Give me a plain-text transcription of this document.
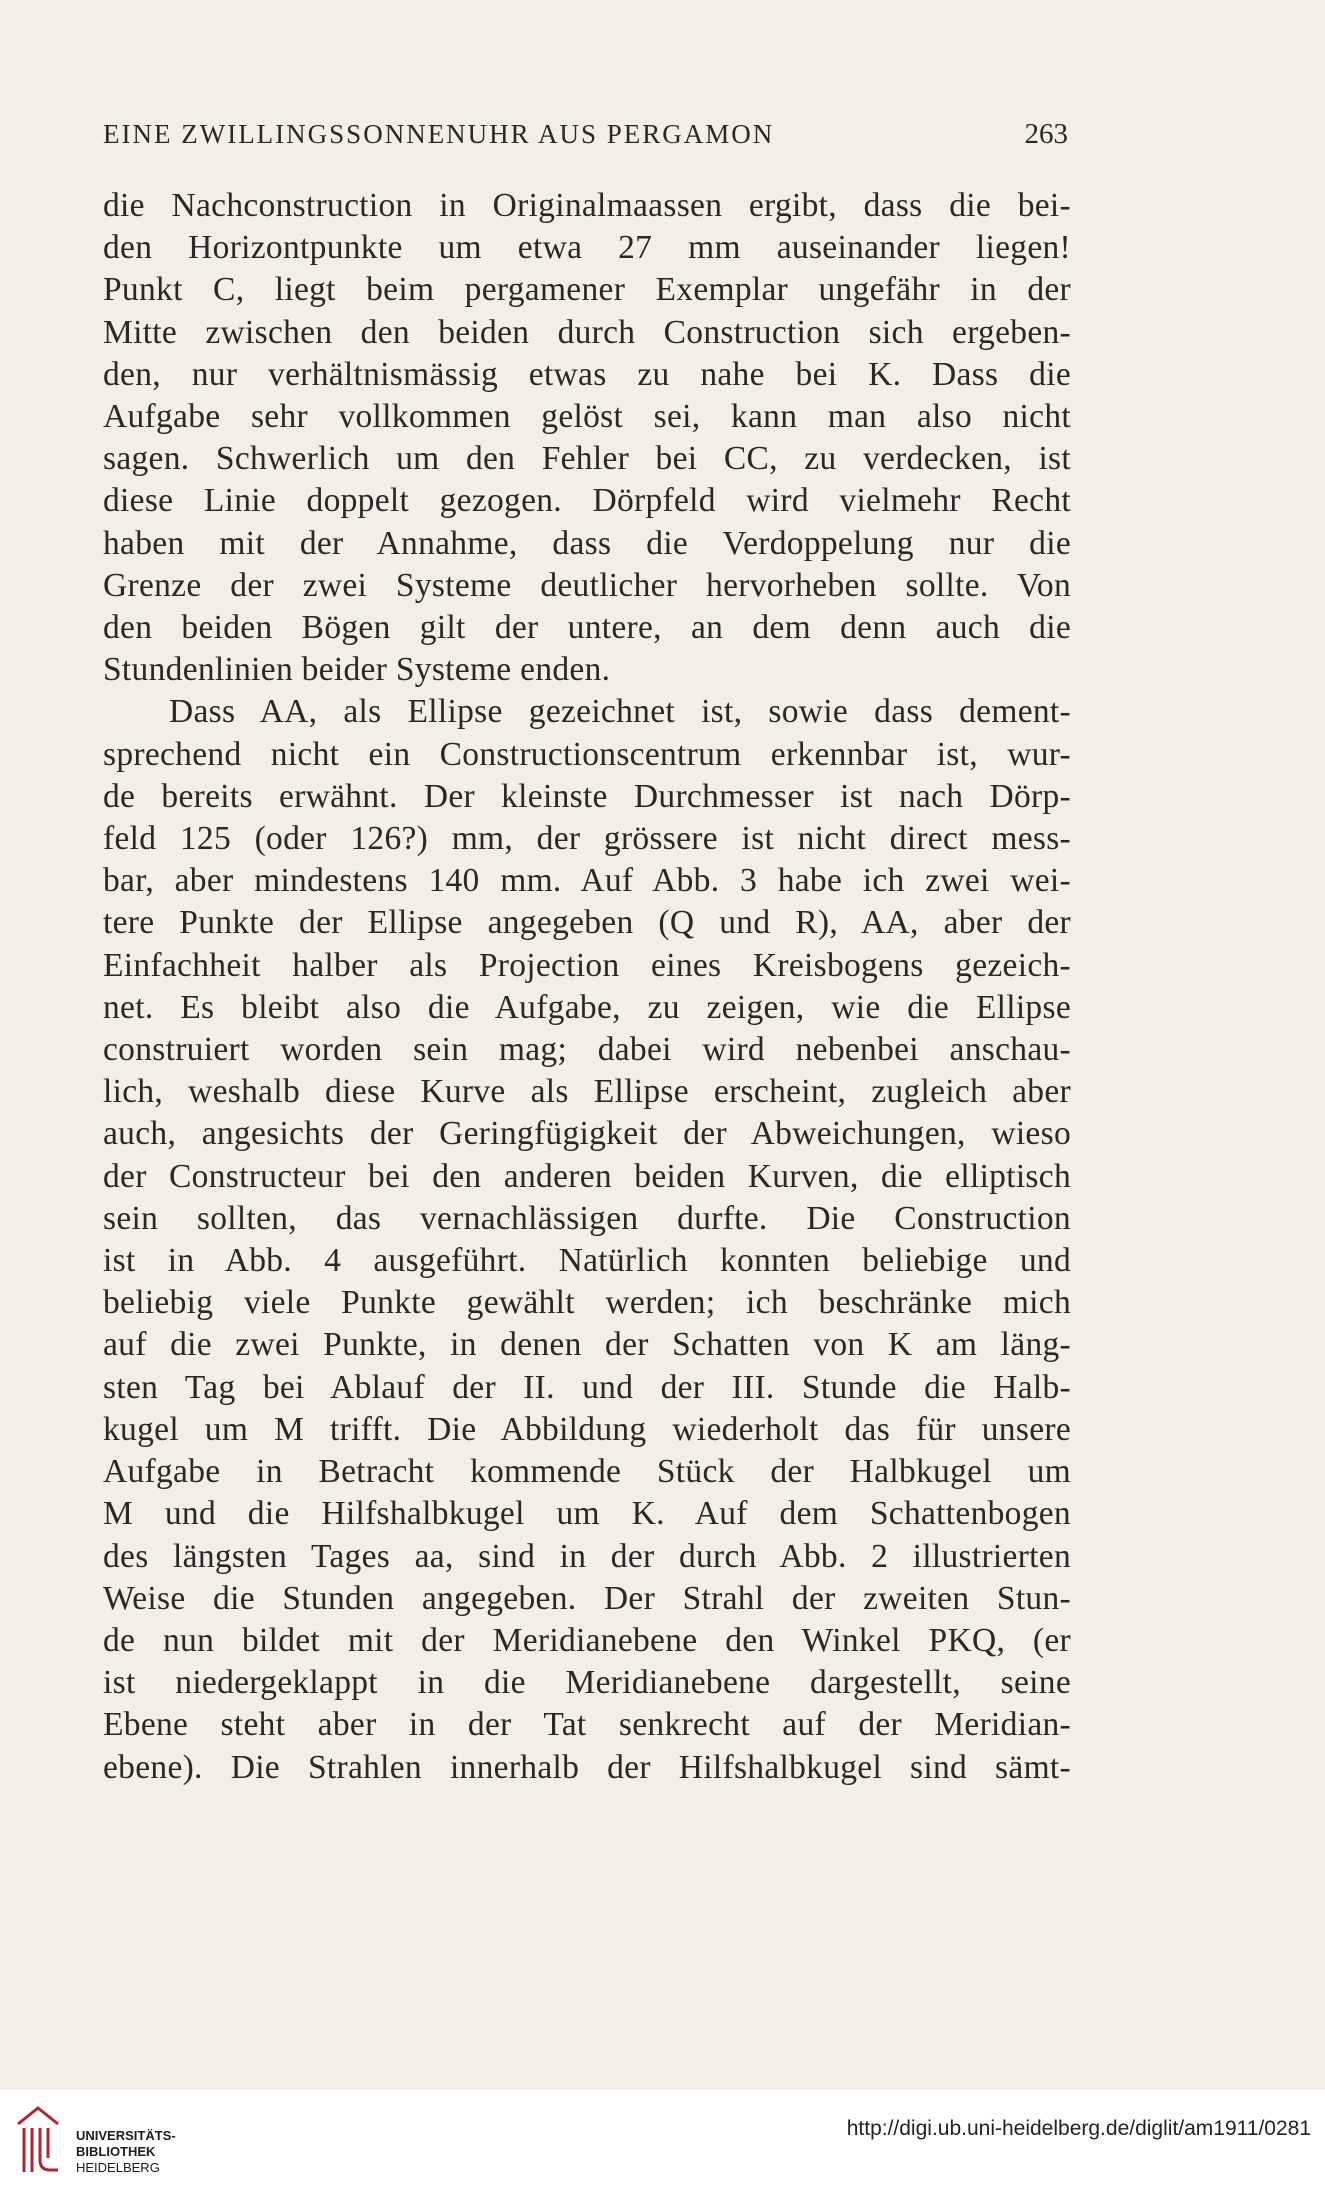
EINE ZWILLINGSSONNENUHR AUS PERGAMON	263
die Nachconstruction in Originalmaassen ergibt, dass die bei-
den Horizontpunkte um etwa 27 mm auseinander liegen!
Punkt C, liegt beim pergamener Exemplar ungefähr in der
Mitte zwischen den beiden durch Construction sich ergeben-
den, nur verhältnismässig etwas zu nahe bei K. Dass die
Aufgabe sehr vollkommen gelöst sei, kann man also nicht
sagen. Schwerlich um den Fehler bei CC, zu verdecken, ist
diese Linie doppelt gezogen. Dörpfeld wird vielmehr Recht
haben mit der Annahme, dass die Verdoppelung nur die
Grenze der zwei Systeme deutlicher hervorheben sollte. Von
den beiden Bögen gilt der untere, an dem denn auch die
Stundenlinien beider Systeme enden.
Dass AA, als Ellipse gezeichnet ist, sowie dass dement-
sprechend nicht ein Constructionscentrum erkennbar ist, wur-
de bereits erwähnt. Der kleinste Durchmesser ist nach Dörp-
feld 125 (oder 126?) mm, der grössere ist nicht direct mess-
bar, aber mindestens 140 mm. Auf Abb. 3 habe ich zwei wei-
tere Punkte der Ellipse angegeben (Q und R), AA, aber der
Einfachheit halber als Projection eines Kreisbogens gezeich-
net. Es bleibt also die Aufgabe, zu zeigen, wie die Ellipse
construiert worden sein mag; dabei wird nebenbei anschau-
lich, weshalb diese Kurve als Ellipse erscheint, zugleich aber
auch, angesichts der Geringfügigkeit der Abweichungen, wieso
der Constructeur bei den anderen beiden Kurven, die elliptisch
sein sollten, das vernachlässigen durfte. Die Construction
ist in Abb. 4 ausgeführt. Natürlich konnten beliebige und
beliebig viele Punkte gewählt werden; ich beschränke mich
auf die zwei Punkte, in denen der Schatten von K am läng-
sten Tag bei Ablauf der II. und der III. Stunde die Halb-
kugel um M trifft. Die Abbildung wiederholt das für unsere
Aufgabe in Betracht kommende Stück der Halbkugel um
M und die Hilfshalbkugel um K. Auf dem Schattenbogen
des längsten Tages aa, sind in der durch Abb. 2 illustrierten
Weise die Stunden angegeben. Der Strahl der zweiten Stun-
de nun bildet mit der Meridianebene den Winkel PKQ, (er
ist niedergeklappt in die Meridianebene dargestellt, seine
Ebene steht aber in der Tat senkrecht auf der Meridian-
ebene). Die Strahlen innerhalb der Hilfshalbkugel sind sämt-
UNIVERSITÄTS-
BIBLIOTHEK
HEIDELBERG
http://digi.ub.uni-heidelberg.de/diglit/am1911/0281
